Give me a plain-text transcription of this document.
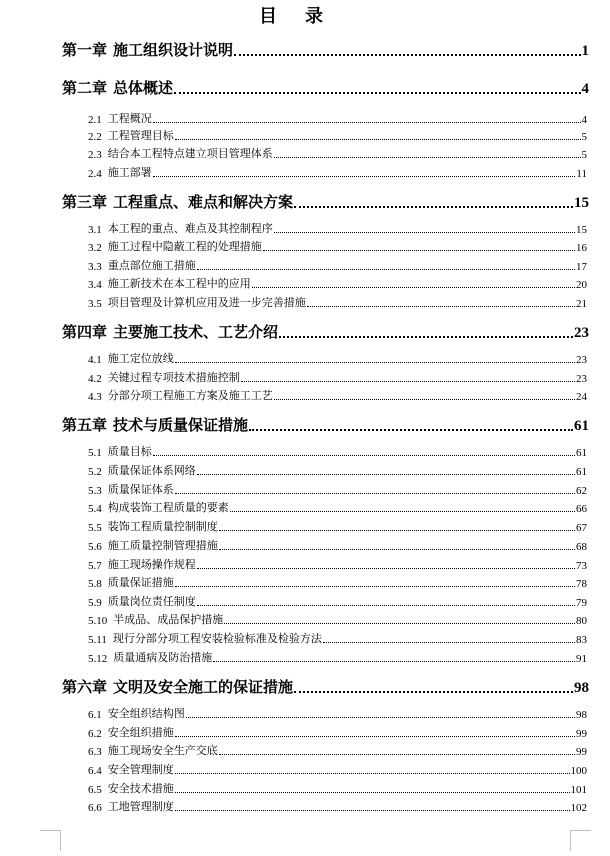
目录
第一章 施工组织设计说明	1
第二章 总体概述	4
2.1 工程概况	4
2.2 工程管理目标	5
2.3 结合本工程特点建立项目管理体系	5
2.4 施工部署	11
第三章 工程重点、难点和解决方案	15
3.1 本工程的重点、难点及其控制程序	15
3.2 施工过程中隐蔽工程的处理措施	16
3.3 重点部位施工措施	17
3.4 施工新技术在本工程中的应用	20
3.5 项目管理及计算机应用及进一步完善措施	21
第四章 主要施工技术、工艺介绍	23
4.1 施工定位放线	23
4.2 关键过程专项技术措施控制	23
4.3 分部分项工程施工方案及施工工艺	24
第五章 技术与质量保证措施	61
5.1 质量目标	61
5.2 质量保证体系网络	61
5.3 质量保证体系	62
5.4 构成装饰工程质量的要素	66
5.5 装饰工程质量控制制度	67
5.6 施工质量控制管理措施	68
5.7 施工现场操作规程	73
5.8 质量保证措施	78
5.9 质量岗位责任制度	79
5.10 半成品、成品保护措施	80
5.11 现行分部分项工程安装检验标准及检验方法	83
5.12 质量通病及防治措施	91
第六章 文明及安全施工的保证措施	98
6.1 安全组织结构图	98
6.2 安全组织措施	99
6.3 施工现场安全生产交底	99
6.4 安全管理制度	100
6.5 安全技术措施	101
6.6 工地管理制度	102
